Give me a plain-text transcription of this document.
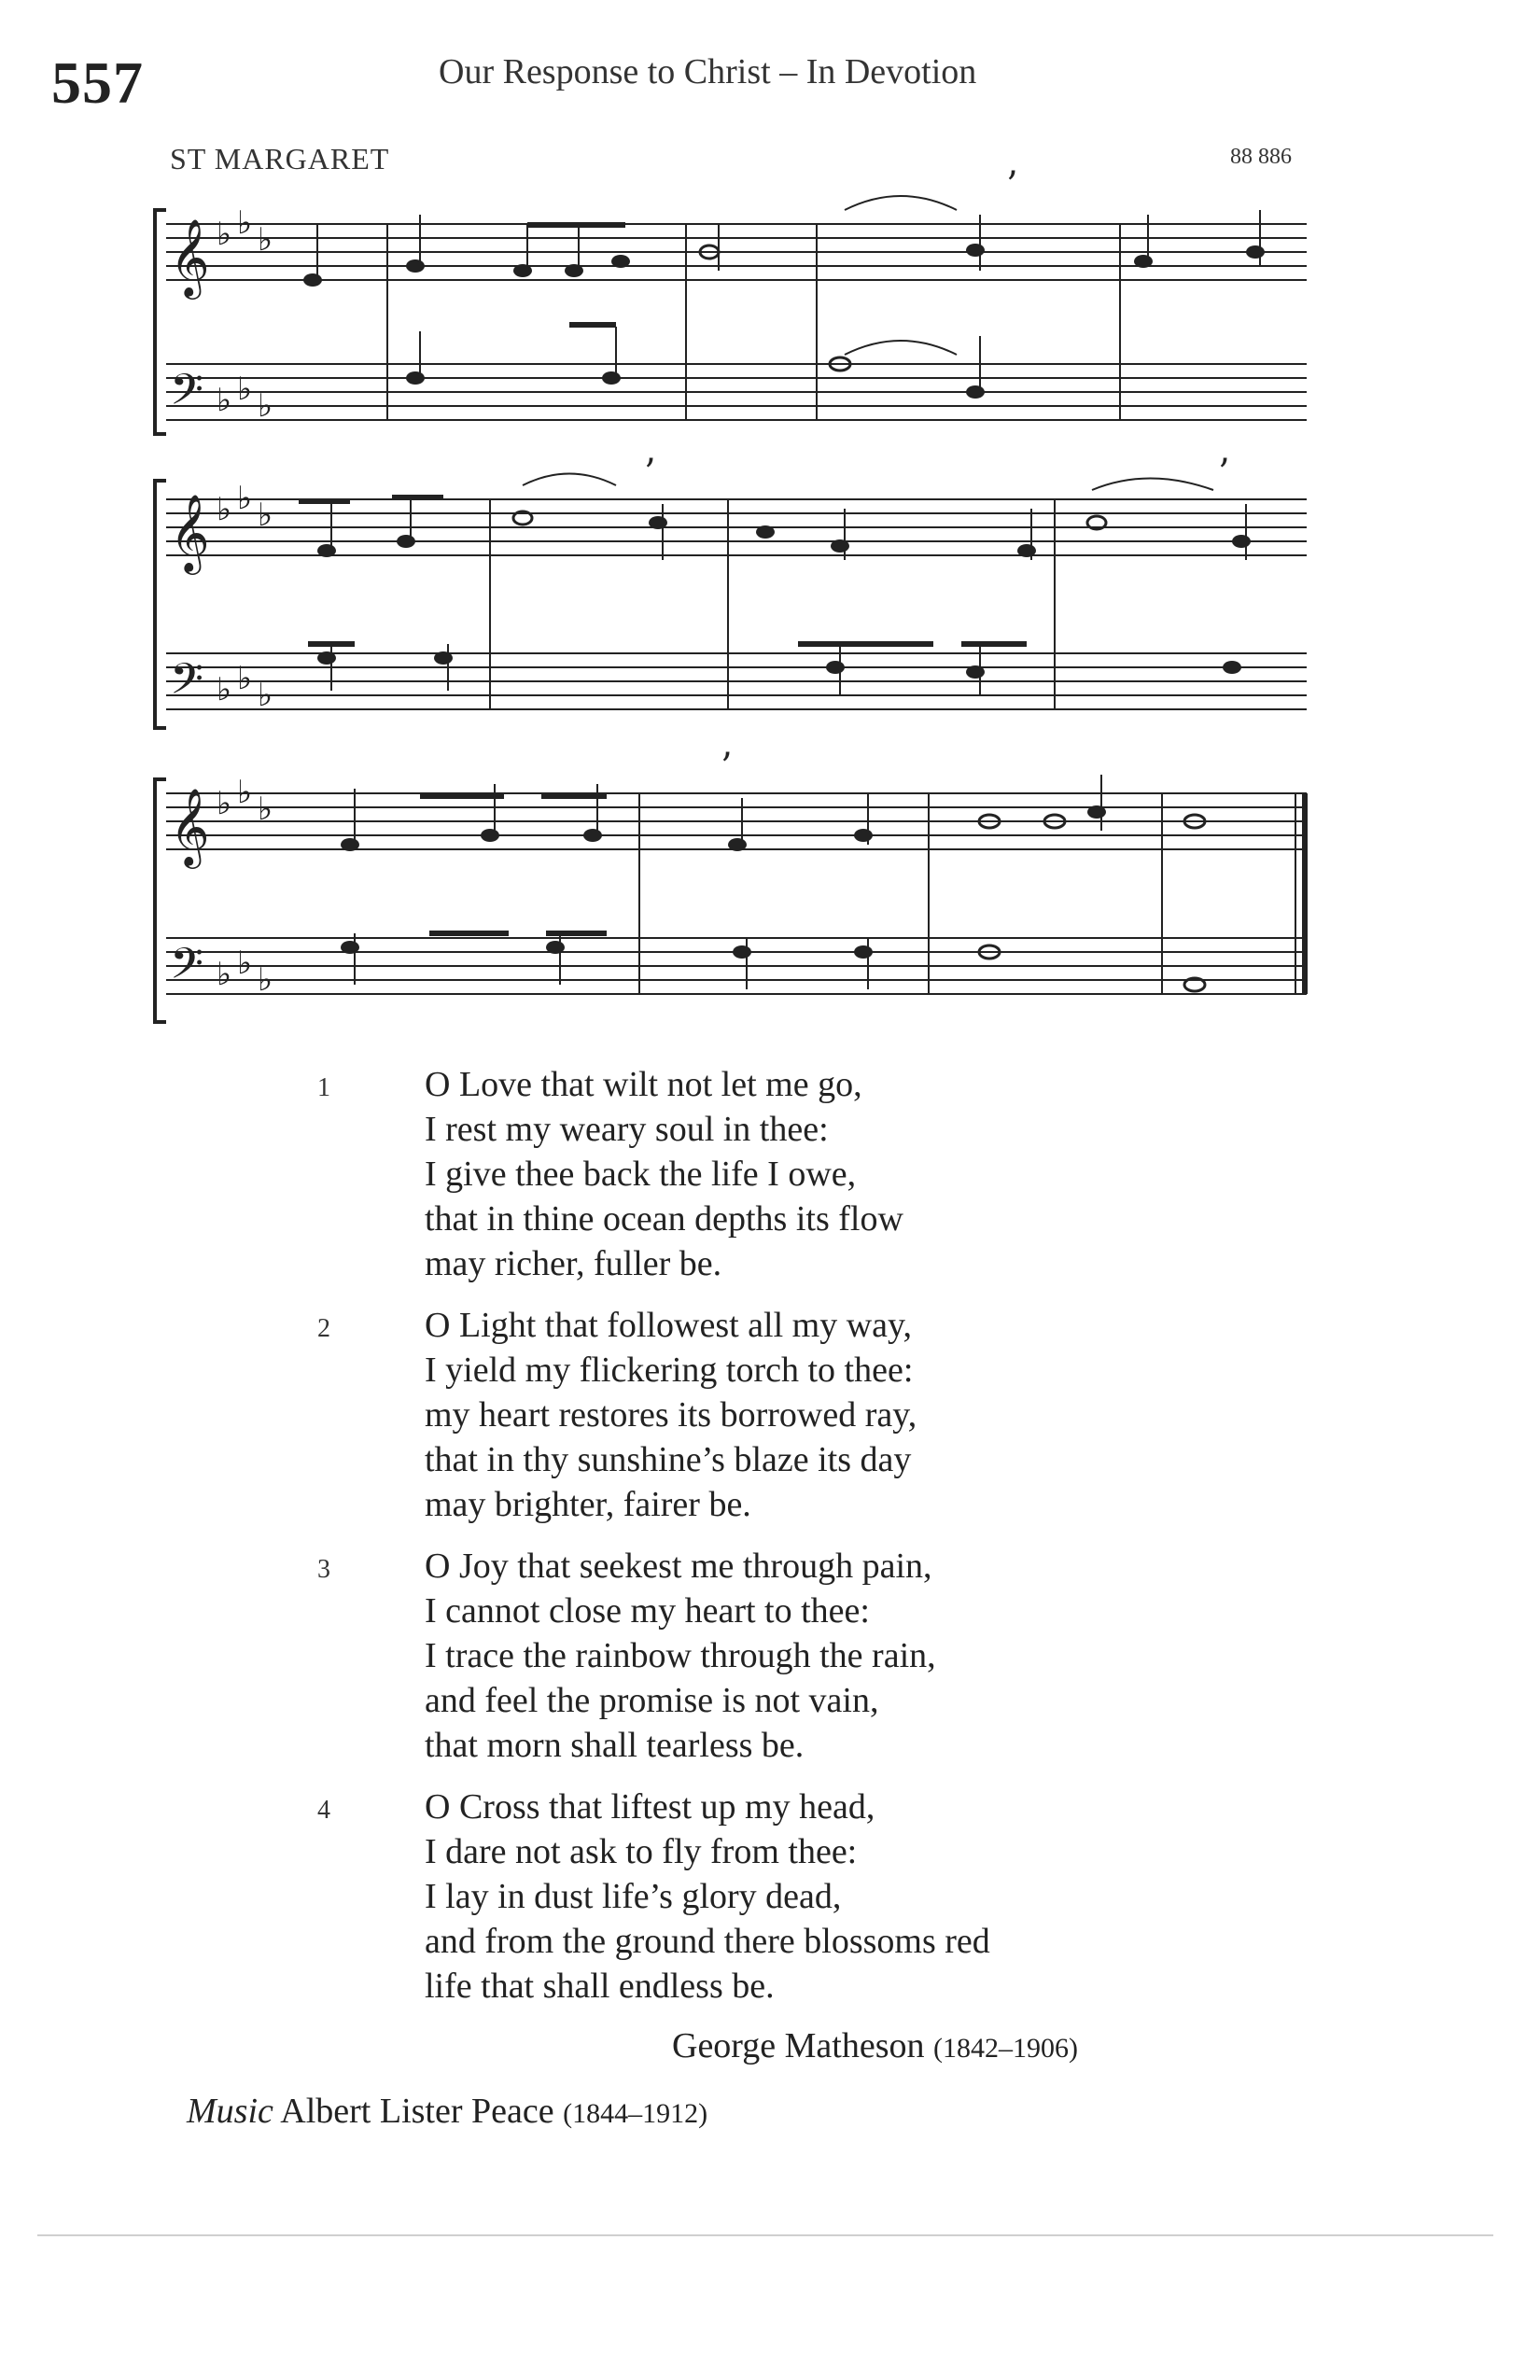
557	Our Response to Christ – In Devotion
ST MARGARET	88 886
𝄞
𝄢
𝄞
𝄢
𝄞
𝄢
♭ ♭ ♭
♭ ♭ ♭
♭ ♭ ♭
♭ ♭ ♭
♭ ♭ ♭
♭ ♭ ♭
’
’	’
’
1	O Love that wilt not let me go,
I rest my weary soul in thee:
I give thee back the life I owe,
that in thine ocean depths its flow
may richer, fuller be.
2	O Light that followest all my way,
I yield my flickering torch to thee:
my heart restores its borrowed ray,
that in thy sunshine’s blaze its day
may brighter, fairer be.
3	O Joy that seekest me through pain,
I cannot close my heart to thee:
I trace the rainbow through the rain,
and feel the promise is not vain,
that morn shall tearless be.
4	O Cross that liftest up my head,
I dare not ask to fly from thee:
I lay in dust life’s glory dead,
and from the ground there blossoms red
life that shall endless be.
George Matheson (1842–1906)
Music Albert Lister Peace (1844–1912)
